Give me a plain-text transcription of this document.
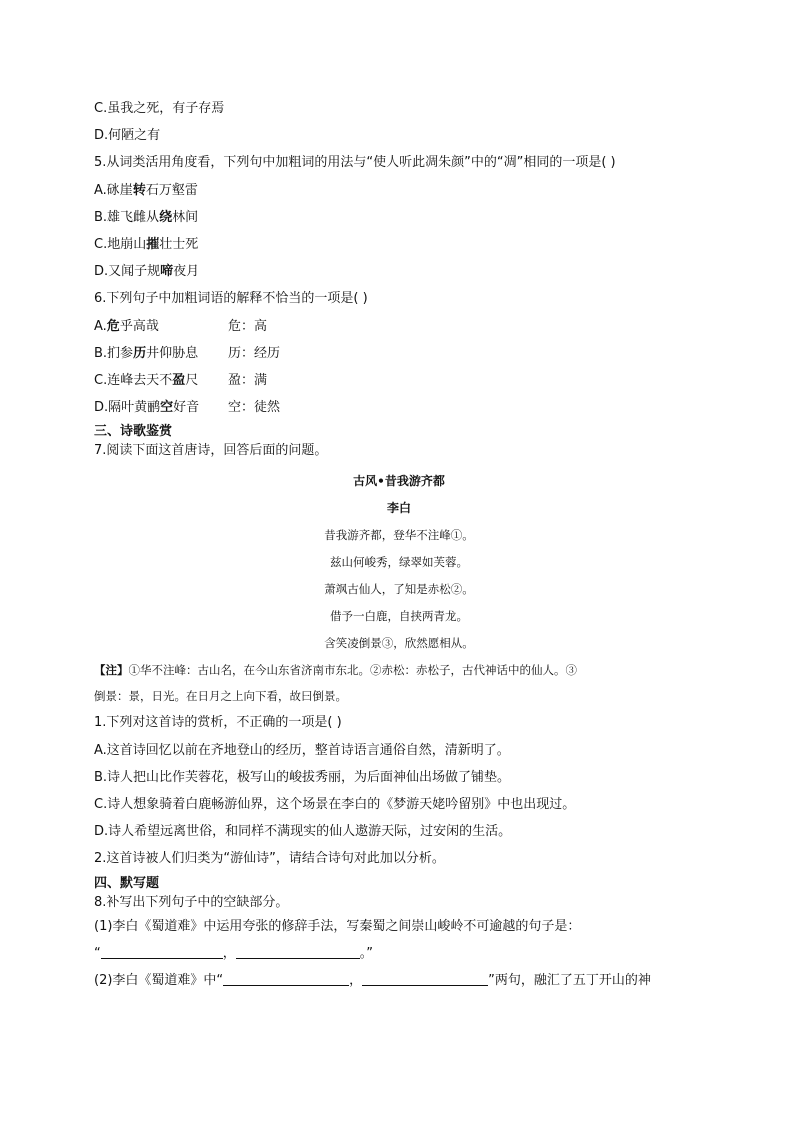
C.虽我之死，有子存焉
D.何陋之有
5.从词类活用角度看，下列句中加粗词的用法与“使人听此凋朱颜”中的“凋”相同的一项是( )
A.砯崖转石万壑雷
B.雄飞雌从绕林间
C.地崩山摧壮士死
D.又闻子规啼夜月
6.下列句子中加粗词语的解释不恰当的一项是( )
A.危乎高哉	危：高
B.扪参历井仰胁息 历：经历
C.连峰去天不盈尺 盈：满
D.隔叶黄鹂空好音 空：徒然
三、诗歌鉴赏
7.阅读下面这首唐诗，回答后面的问题。
古风•昔我游齐都
李白
昔我游齐都，登华不注峰①。
兹山何峻秀，绿翠如芙蓉。
萧飒古仙人，了知是赤松②。
借予一白鹿，自挟两青龙。
含笑凌倒景③，欣然愿相从。
【注】①华不注峰：古山名，在今山东省济南市东北。②赤松：赤松子，古代神话中的仙人。③
倒景：景，日光。在日月之上向下看，故曰倒景。
1.下列对这首诗的赏析，不正确的一项是( )
A.这首诗回忆以前在齐地登山的经历，整首诗语言通俗自然，清新明了。
B.诗人把山比作芙蓉花，极写山的峻拔秀丽，为后面神仙出场做了铺垫。
C.诗人想象骑着白鹿畅游仙界，这个场景在李白的《梦游天姥吟留别》中也出现过。
D.诗人希望远离世俗，和同样不满现实的仙人遨游天际，过安闲的生活。
2.这首诗被人们归类为“游仙诗”，请结合诗句对此加以分析。
四、默写题
8.补写出下列句子中的空缺部分。
(1)李白《蜀道难》中运用夸张的修辞手法，写秦蜀之间崇山峻岭不可逾越的句子是：
“	，	。”
(2)李白《蜀道难》中“	，	”两句，融汇了五丁开山的神
